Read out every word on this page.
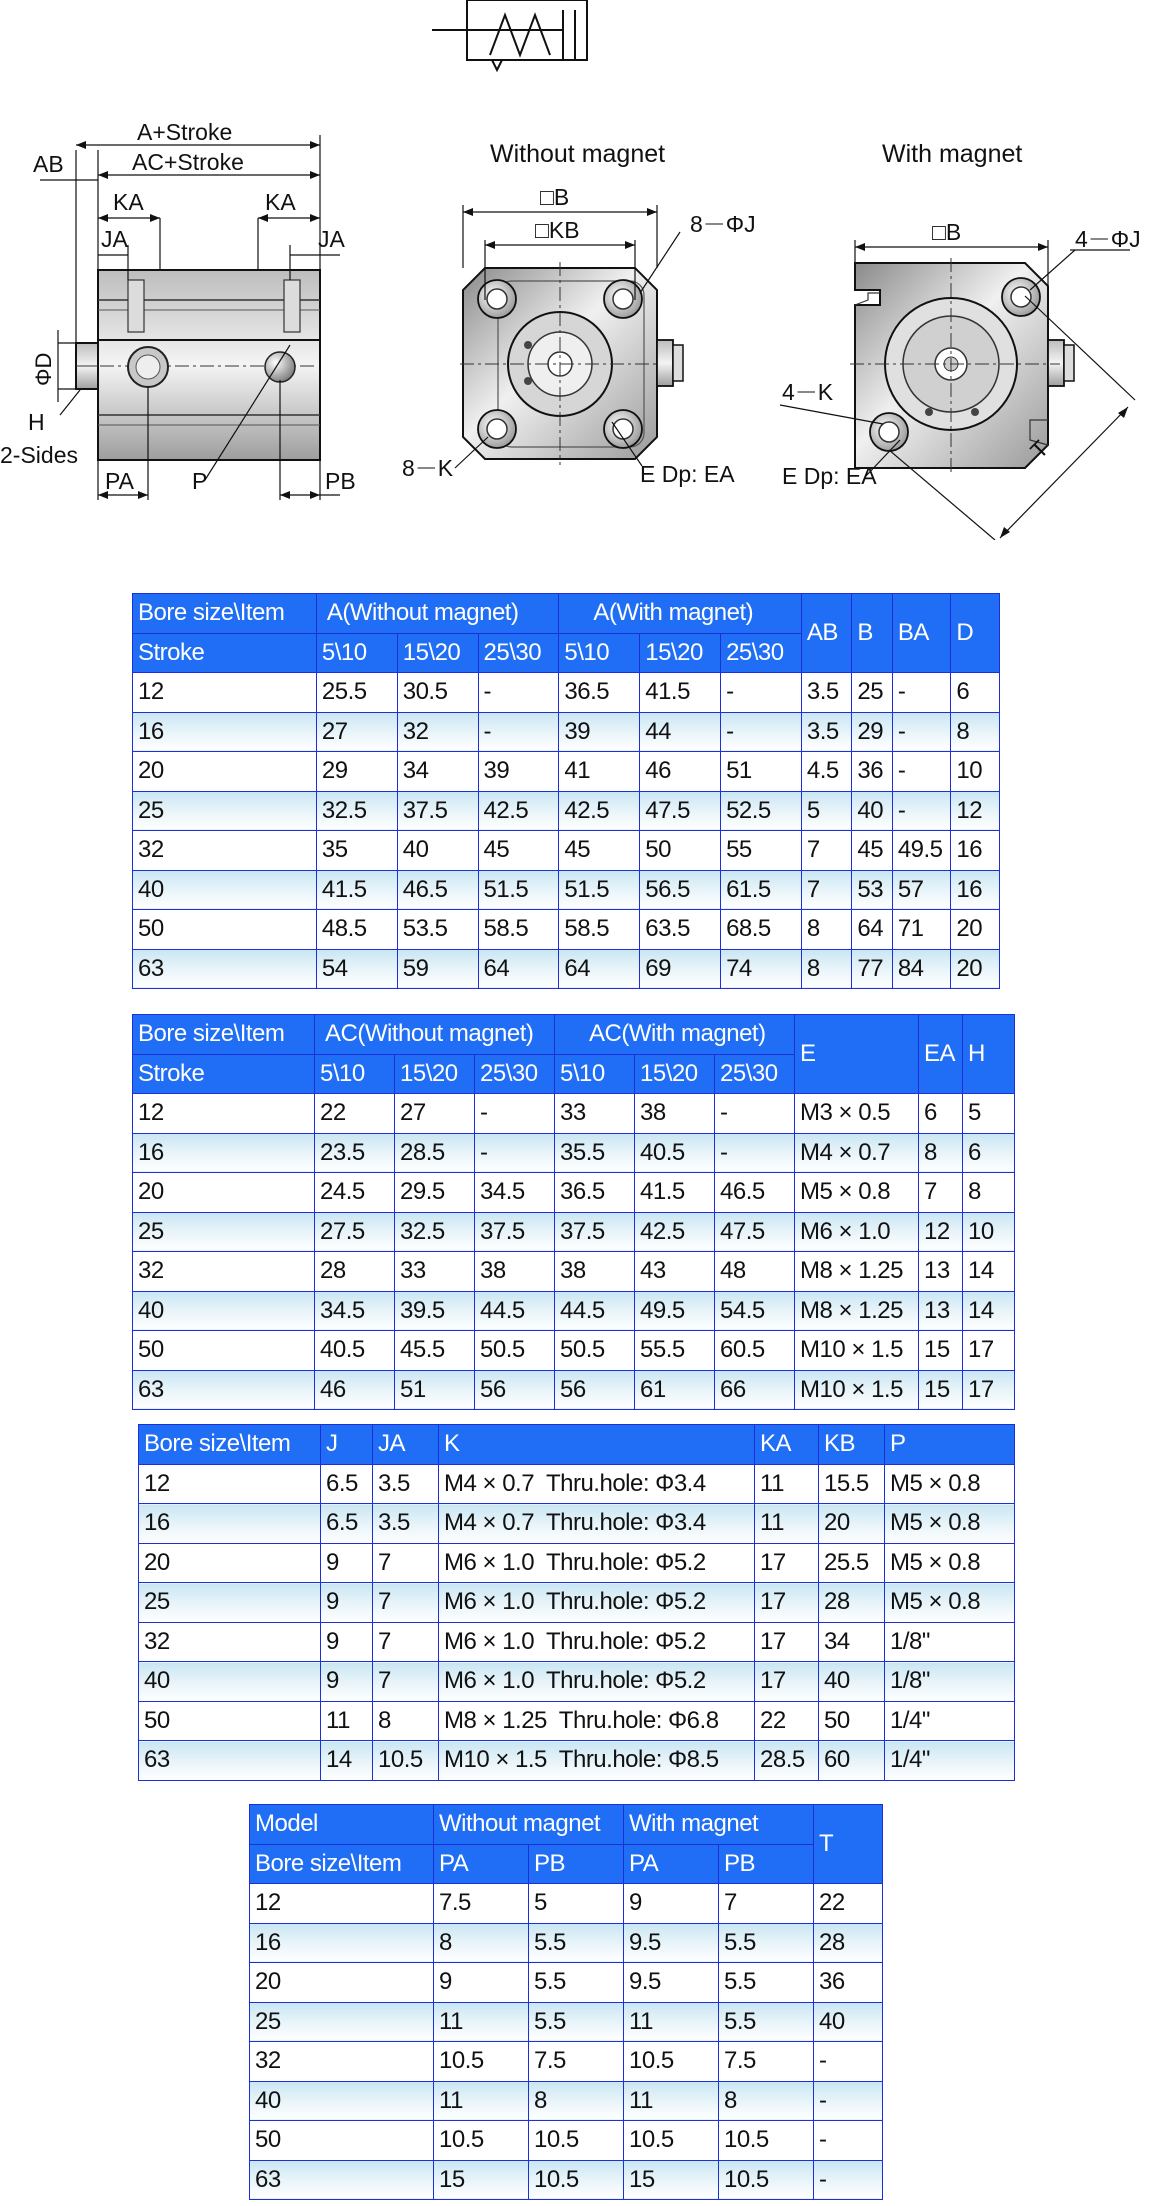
A+Stroke
AC+Stroke
AB
KA	KA
JA	JA
ΦD
H
2-Sides
PA	P	PB
Without magnet
□B
□KB	8－ΦJ
8－K	E Dp: EA
With magnet
□B	4－ΦJ
4－K
E Dp: EA
T
Bore size\Item	A(Without magnet)			A(With magnet)			AB	B	BA	D
Stroke	5\10	15\20	25\30	5\10	15\20	25\30				
12	25.5	30.5	-	36.5	41.5	-	3.5	25	-	6
16	27	32	-	39	44	-	3.5	29	-	8
20	29	34	39	41	46	51	4.5	36	-	10
25	32.5	37.5	42.5	42.5	47.5	52.5	5	40	-	12
32	35	40	45	45	50	55	7	45	49.5	16
40	41.5	46.5	51.5	51.5	56.5	61.5	7	53	57	16
50	48.5	53.5	58.5	58.5	63.5	68.5	8	64	71	20
63	54	59	64	64	69	74	8	77	84	20
Bore size\Item	AC(Without magnet)			AC(With magnet)			E	EA	H
Stroke	5\10	15\20	25\30	5\10	15\20	25\30			
12	22	27	-	33	38	-	M3 × 0.5	6	5
16	23.5	28.5	-	35.5	40.5	-	M4 × 0.7	8	6
20	24.5	29.5	34.5	36.5	41.5	46.5	M5 × 0.8	7	8
25	27.5	32.5	37.5	37.5	42.5	47.5	M6 × 1.0	12	10
32	28	33	38	38	43	48	M8 × 1.25	13	14
40	34.5	39.5	44.5	44.5	49.5	54.5	M8 × 1.25	13	14
50	40.5	45.5	50.5	50.5	55.5	60.5	M10 × 1.5	15	17
63	46	51	56	56	61	66	M10 × 1.5	15	17
Bore size\Item	J	JA	K	KA	KB	P
12	6.5	3.5	M4 × 0.7  Thru.hole: Φ3.4	11	15.5	M5 × 0.8
16	6.5	3.5	M4 × 0.7  Thru.hole: Φ3.4	11	20	M5 × 0.8
20	9	7	M6 × 1.0  Thru.hole: Φ5.2	17	25.5	M5 × 0.8
25	9	7	M6 × 1.0  Thru.hole: Φ5.2	17	28	M5 × 0.8
32	9	7	M6 × 1.0  Thru.hole: Φ5.2	17	34	1/8"
40	9	7	M6 × 1.0  Thru.hole: Φ5.2	17	40	1/8"
50	11	8	M8 × 1.25  Thru.hole: Φ6.8	22	50	1/4"
63	14	10.5	M10 × 1.5  Thru.hole: Φ8.5	28.5	60	1/4"
Model	Without magnet		With magnet		T
Bore size\Item	PA	PB	PA	PB	
12	7.5	5	9	7	22
16	8	5.5	9.5	5.5	28
20	9	5.5	9.5	5.5	36
25	11	5.5	11	5.5	40
32	10.5	7.5	10.5	7.5	-
40	11	8	11	8	-
50	10.5	10.5	10.5	10.5	-
63	15	10.5	15	10.5	-
